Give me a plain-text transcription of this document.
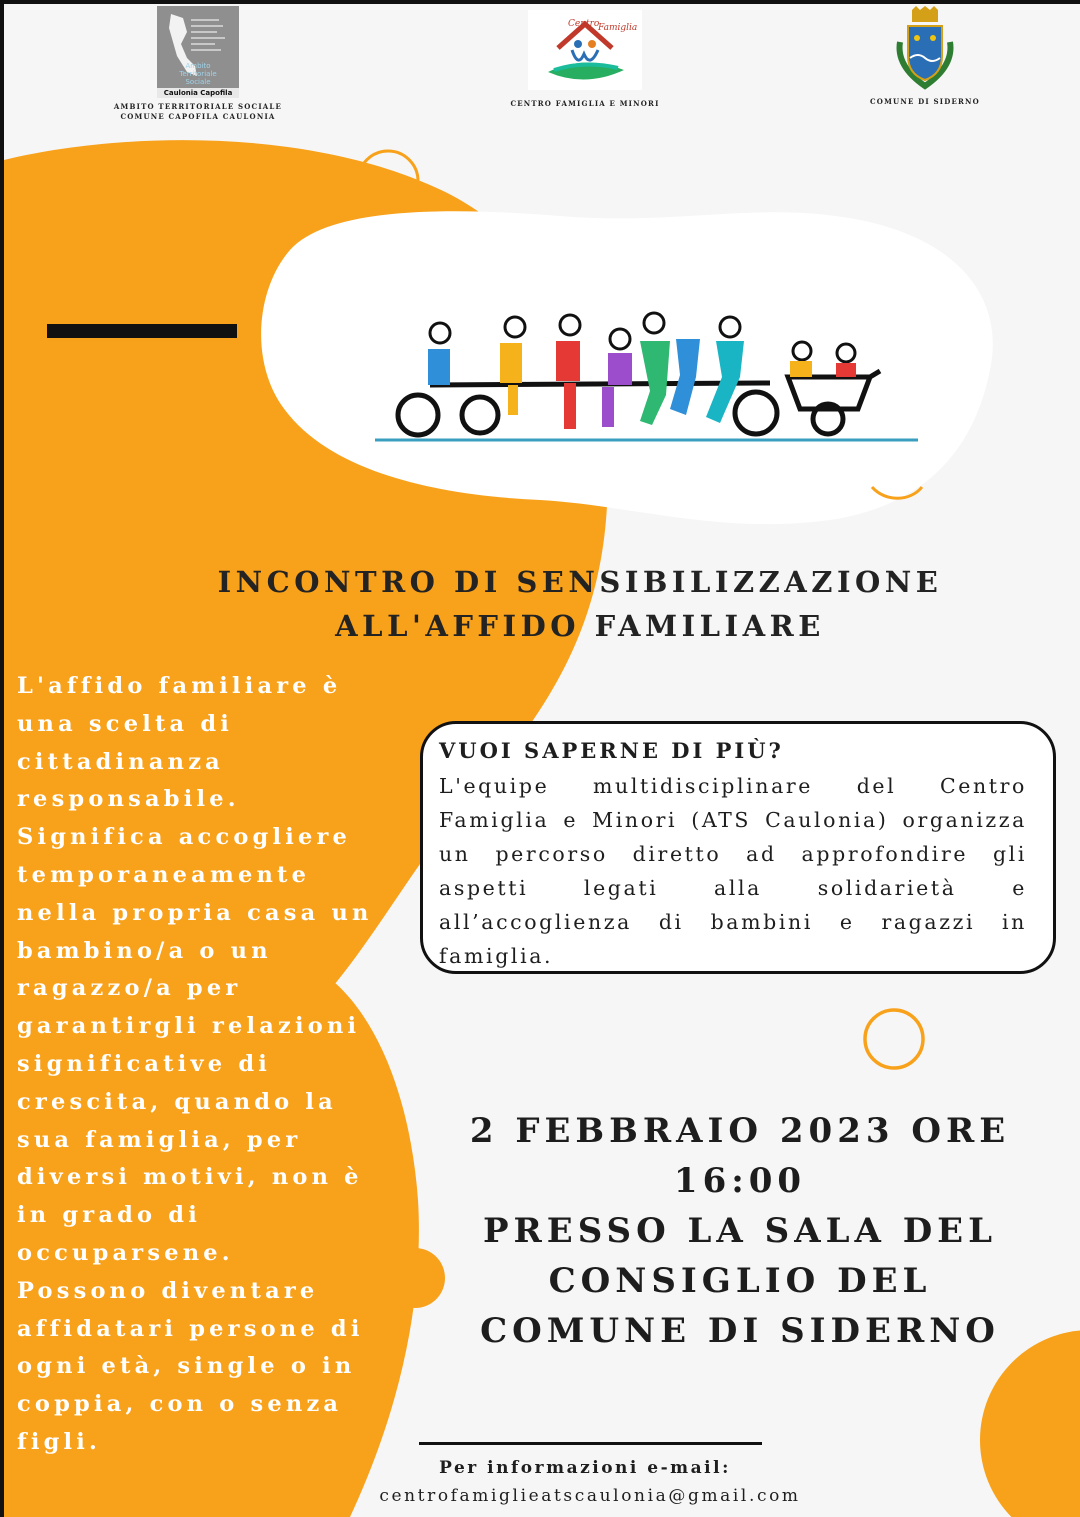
Ambito
Territoriale
Sociale
Caulonia Capofila
AMBITO TERRITORIALE SOCIALE
COMUNE CAPOFILA CAULONIA
Centro
Famiglia
CENTRO FAMIGLIA E MINORI	COMUNE DI SIDERNO
INCONTRO DI SENSIBILIZZAZIONE
ALL'AFFIDO FAMILIARE

L'affido familiare è

una scelta di

cittadinanza

responsabile.

Significa accogliere

temporaneamente

nella propria casa un

bambino/a o un

ragazzo/a per

garantirgli relazioni

significative di

crescita, quando la

sua famiglia, per

diversi motivi, non è

in grado di

occuparsene.

Possono diventare

affidatari persone di

ogni età, single o in

coppia, con o senza

figli.

VUOI SAPERNE DI PIÙ?
L'equipe multidisciplinare del Centro Famiglia e Minori (ATS Caulonia) organizza un percorso diretto ad approfondire gli aspetti legati alla solidarietà e all’accoglienza di bambini e ragazzi in famiglia.
2 FEBBRAIO 2023 ORE 16:00
PRESSO LA SALA DEL
CONSIGLIO DEL
COMUNE DI SIDERNO
Per informazioni e-mail:
centrofamiglieatscaulonia@gmail.com
